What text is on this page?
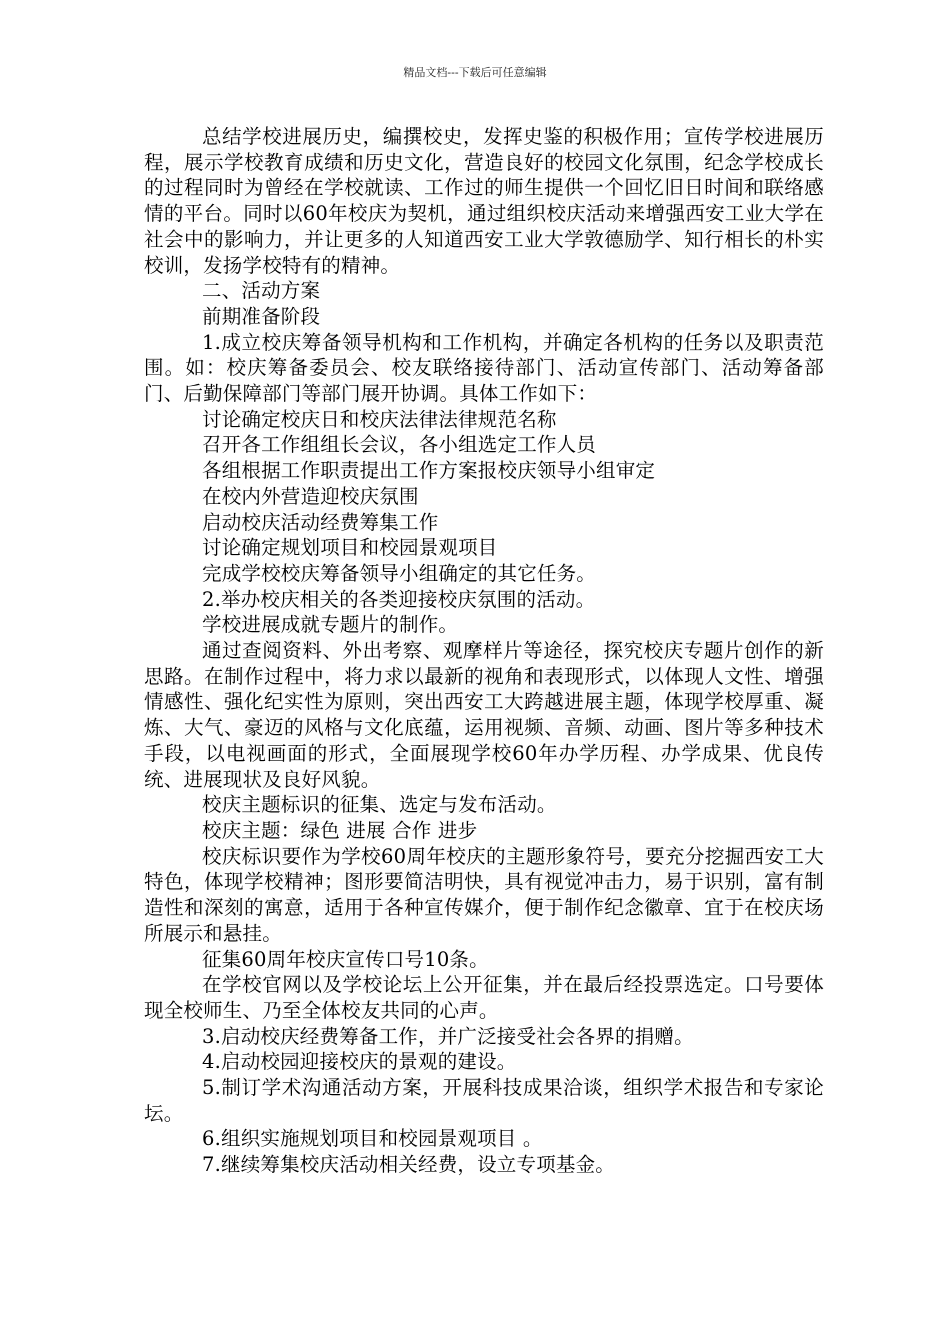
精品文档---下载后可任意编辑

总结学校进展历史，编撰校史，发挥史鉴的积极作用；宣传学校进展历程，展示学校教育成绩和历史文化，营造良好的校园文化氛围，纪念学校成长的过程同时为曾经在学校就读、工作过的师生提供一个回忆旧日时间和联络感情的平台。同时以60年校庆为契机，通过组织校庆活动来增强西安工业大学在社会中的影响力，并让更多的人知道西安工业大学敦德励学、知行相长的朴实校训，发扬学校特有的精神。

二、活动方案

前期准备阶段

1.成立校庆筹备领导机构和工作机构，并确定各机构的任务以及职责范围。如：校庆筹备委员会、校友联络接待部门、活动宣传部门、活动筹备部门、后勤保障部门等部门展开协调。具体工作如下：

讨论确定校庆日和校庆法律法律规范名称

召开各工作组组长会议，各小组选定工作人员

各组根据工作职责提出工作方案报校庆领导小组审定

在校内外营造迎校庆氛围

启动校庆活动经费筹集工作

讨论确定规划项目和校园景观项目

完成学校校庆筹备领导小组确定的其它任务。

2.举办校庆相关的各类迎接校庆氛围的活动。

学校进展成就专题片的制作。

通过查阅资料、外出考察、观摩样片等途径，探究校庆专题片创作的新思路。在制作过程中，将力求以最新的视角和表现形式，以体现人文性、增强情感性、强化纪实性为原则，突出西安工大跨越进展主题，体现学校厚重、凝炼、大气、豪迈的风格与文化底蕴，运用视频、音频、动画、图片等多种技术手段，以电视画面的形式，全面展现学校60年办学历程、办学成果、优良传统、进展现状及良好风貌。

校庆主题标识的征集、选定与发布活动。

校庆主题：绿色 进展 合作 进步

校庆标识要作为学校60周年校庆的主题形象符号，要充分挖掘西安工大特色，体现学校精神；图形要简洁明快，具有视觉冲击力，易于识别，富有制造性和深刻的寓意，适用于各种宣传媒介，便于制作纪念徽章、宜于在校庆场所展示和悬挂。

征集60周年校庆宣传口号10条。

在学校官网以及学校论坛上公开征集，并在最后经投票选定。口号要体现全校师生、乃至全体校友共同的心声。

3.启动校庆经费筹备工作，并广泛接受社会各界的捐赠。

4.启动校园迎接校庆的景观的建设。

5.制订学术沟通活动方案，开展科技成果洽谈，组织学术报告和专家论坛。

6.组织实施规划项目和校园景观项目 。

7.继续筹集校庆活动相关经费，设立专项基金。
